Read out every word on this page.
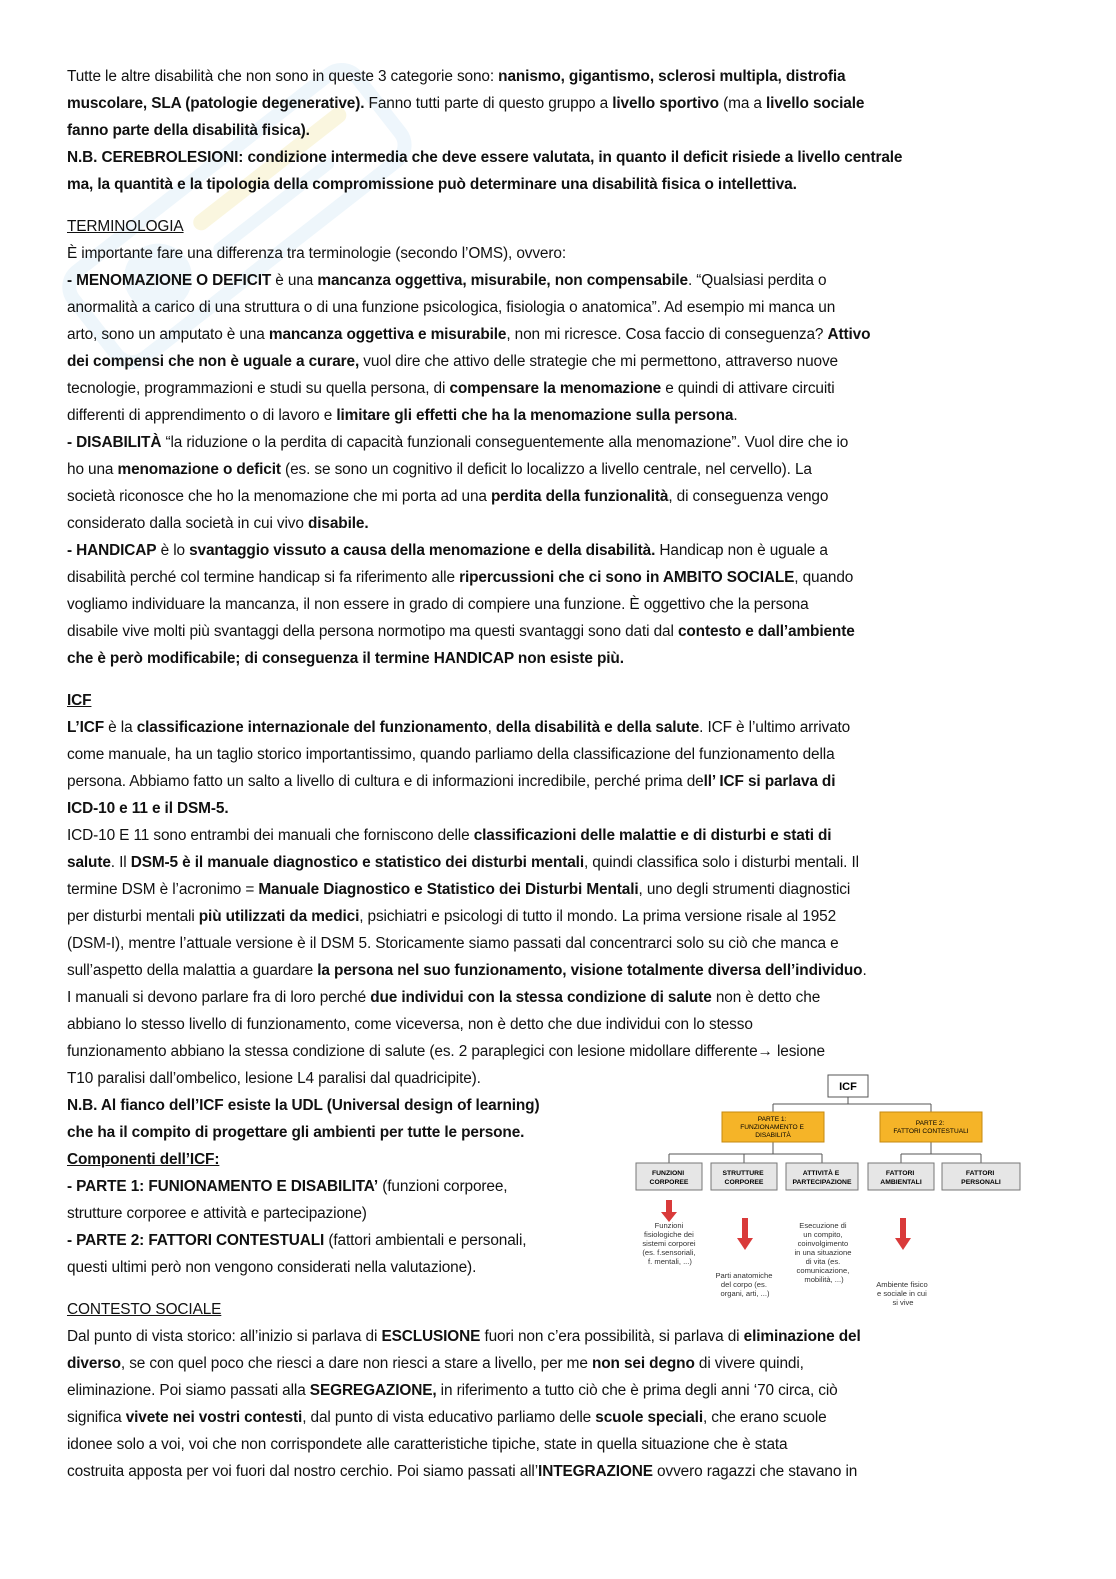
Tutte le altre disabilità che non sono in queste 3 categorie sono: nanismo, gigantismo, sclerosi multipla, distrofia
muscolare, SLA (patologie degenerative). Fanno tutti parte di questo gruppo a livello sportivo (ma a livello sociale
fanno parte della disabilità fisica).
N.B. CEREBROLESIONI: condizione intermedia che deve essere valutata, in quanto il deficit risiede a livello centrale
ma, la quantità e la tipologia della compromissione può determinare una disabilità fisica o intellettiva.
TERMINOLOGIA
È importante fare una differenza tra terminologie (secondo l’OMS), ovvero:
- MENOMAZIONE O DEFICIT è una mancanza oggettiva, misurabile, non compensabile. “Qualsiasi perdita o
anormalità a carico di una struttura o di una funzione psicologica, fisiologia o anatomica”. Ad esempio mi manca un
arto, sono un amputato è una mancanza oggettiva e misurabile, non mi ricresce. Cosa faccio di conseguenza? Attivo
dei compensi che non è uguale a curare, vuol dire che attivo delle strategie che mi permettono, attraverso nuove
tecnologie, programmazioni e studi su quella persona, di compensare la menomazione e quindi di attivare circuiti
differenti di apprendimento o di lavoro e limitare gli effetti che ha la menomazione sulla persona.
- DISABILITÀ “la riduzione o la perdita di capacità funzionali conseguentemente alla menomazione”. Vuol dire che io
ho una menomazione o deficit (es. se sono un cognitivo il deficit lo localizzo a livello centrale, nel cervello). La
società riconosce che ho la menomazione che mi porta ad una perdita della funzionalità, di conseguenza vengo
considerato dalla società in cui vivo disabile.
- HANDICAP è lo svantaggio vissuto a causa della menomazione e della disabilità. Handicap non è uguale a
disabilità perché col termine handicap si fa riferimento alle ripercussioni che ci sono in AMBITO SOCIALE, quando
vogliamo individuare la mancanza, il non essere in grado di compiere una funzione. È oggettivo che la persona
disabile vive molti più svantaggi della persona normotipo ma questi svantaggi sono dati dal contesto e dall’ambiente
che è però modificabile; di conseguenza il termine HANDICAP non esiste più.
ICF
L’ICF è la classificazione internazionale del funzionamento, della disabilità e della salute. ICF è l’ultimo arrivato
come manuale, ha un taglio storico importantissimo, quando parliamo della classificazione del funzionamento della
persona. Abbiamo fatto un salto a livello di cultura e di informazioni incredibile, perché prima dell’ ICF si parlava di
ICD-10 e 11 e il DSM-5.
ICD-10 E 11 sono entrambi dei manuali che forniscono delle classificazioni delle malattie e di disturbi e stati di
salute. Il DSM-5 è il manuale diagnostico e statistico dei disturbi mentali, quindi classifica solo i disturbi mentali. Il
termine DSM è l’acronimo = Manuale Diagnostico e Statistico dei Disturbi Mentali, uno degli strumenti diagnostici
per disturbi mentali più utilizzati da medici, psichiatri e psicologi di tutto il mondo. La prima versione risale al 1952
(DSM-I), mentre l’attuale versione è il DSM 5. Storicamente siamo passati dal concentrarci solo su ciò che manca e
sull’aspetto della malattia a guardare la persona nel suo funzionamento, visione totalmente diversa dell’individuo.
I manuali si devono parlare fra di loro perché due individui con la stessa condizione di salute non è detto che
abbiano lo stesso livello di funzionamento, come viceversa, non è detto che due individui con lo stesso
funzionamento abbiano la stessa condizione di salute (es. 2 paraplegici con lesione midollare differente→ lesione
T10 paralisi dall’ombelico, lesione L4 paralisi dal quadricipite).
N.B. Al fianco dell’ICF esiste la UDL (Universal design of learning)
che ha il compito di progettare gli ambienti per tutte le persone.
Componenti dell’ICF:
- PARTE 1: FUNIONAMENTO E DISABILITA’ (funzioni corporee,
strutture corporee e attività e partecipazione)
- PARTE 2: FATTORI CONTESTUALI (fattori ambientali e personali,
questi ultimi però non vengono considerati nella valutazione).
CONTESTO SOCIALE
Dal punto di vista storico: all’inizio si parlava di ESCLUSIONE fuori non c’era possibilità, si parlava di eliminazione del
diverso, se con quel poco che riesci a dare non riesci a stare a livello, per me non sei degno di vivere quindi,
eliminazione. Poi siamo passati alla SEGREGAZIONE, in riferimento a tutto ciò che è prima degli anni ‘70 circa, ciò
significa vivete nei vostri contesti, dal punto di vista educativo parliamo delle scuole speciali, che erano scuole
idonee solo a voi, voi che non corrispondete alle caratteristiche tipiche, state in quella situazione che è stata
costruita apposta per voi fuori dal nostro cerchio. Poi siamo passati all’INTEGRAZIONE ovvero ragazzi che stavano in
ICF
PARTE 1: FUNZIONAMENTO E DISABILITÀ
PARTE 2: FATTORI CONTESTUALI
FUNZIONI CORPOREE
STRUTTURE CORPOREE
ATTIVITÀ E PARTECIPAZIONE
FATTORI AMBIENTALI
FATTORI PERSONALI
Funzioni fisiologiche dei sistemi corporei (es. f.sensoriali, f. mentali, ...)
Parti anatomiche del corpo (es. organi, arti, ...)
Esecuzione di un compito, coinvolgimento in una situazione di vita (es. comunicazione, mobilità, ...)
Ambiente fisico e sociale in cui si vive
